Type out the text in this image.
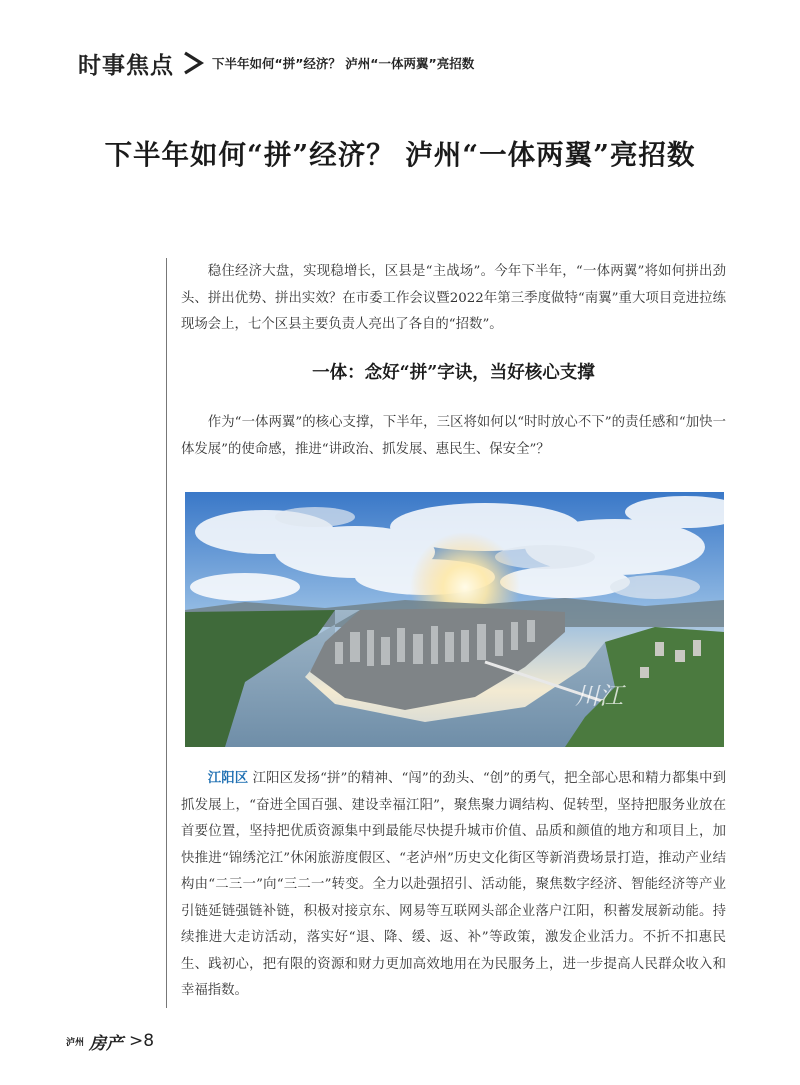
时事焦点	下半年如何“拼”经济？ 泸州“一体两翼”亮招数
下半年如何“拼”经济？ 泸州“一体两翼”亮招数

稳住经济大盘，实现稳增长，区县是“主战场”。今年下半年，“一体两翼”将如何拼出劲头、拼出优势、拼出实效？在市委工作会议暨2022年第三季度做特“南翼”重大项目竞进拉练现场会上，七个区县主要负责人亮出了各自的“招数”。

一体：念好“拼”字诀，当好核心支撑

作为“一体两翼”的核心支撑，下半年，三区将如何以“时时放心不下”的责任感和“加快一体发展”的使命感，推进“讲政治、抓发展、惠民生、保安全”？

川江

江阳区 江阳区发扬“拼”的精神、“闯”的劲头、“创”的勇气，把全部心思和精力都集中到抓发展上，“奋进全国百强、建设幸福江阳”，聚焦聚力调结构、促转型，坚持把服务业放在首要位置，坚持把优质资源集中到最能尽快提升城市价值、品质和颜值的地方和项目上，加快推进“锦绣沱江”休闲旅游度假区、“老泸州”历史文化街区等新消费场景打造，推动产业结构由“二三一”向“三二一”转变。全力以赴强招引、活动能，聚焦数字经济、智能经济等产业引链延链强链补链，积极对接京东、网易等互联网头部企业落户江阳，积蓄发展新动能。持续推进大走访活动，落实好“退、降、缓、返、补”等政策，激发企业活力。不折不扣惠民生、践初心，把有限的资源和财力更加高效地用在为民服务上，进一步提高人民群众收入和幸福指数。

泸州 房产 >8
